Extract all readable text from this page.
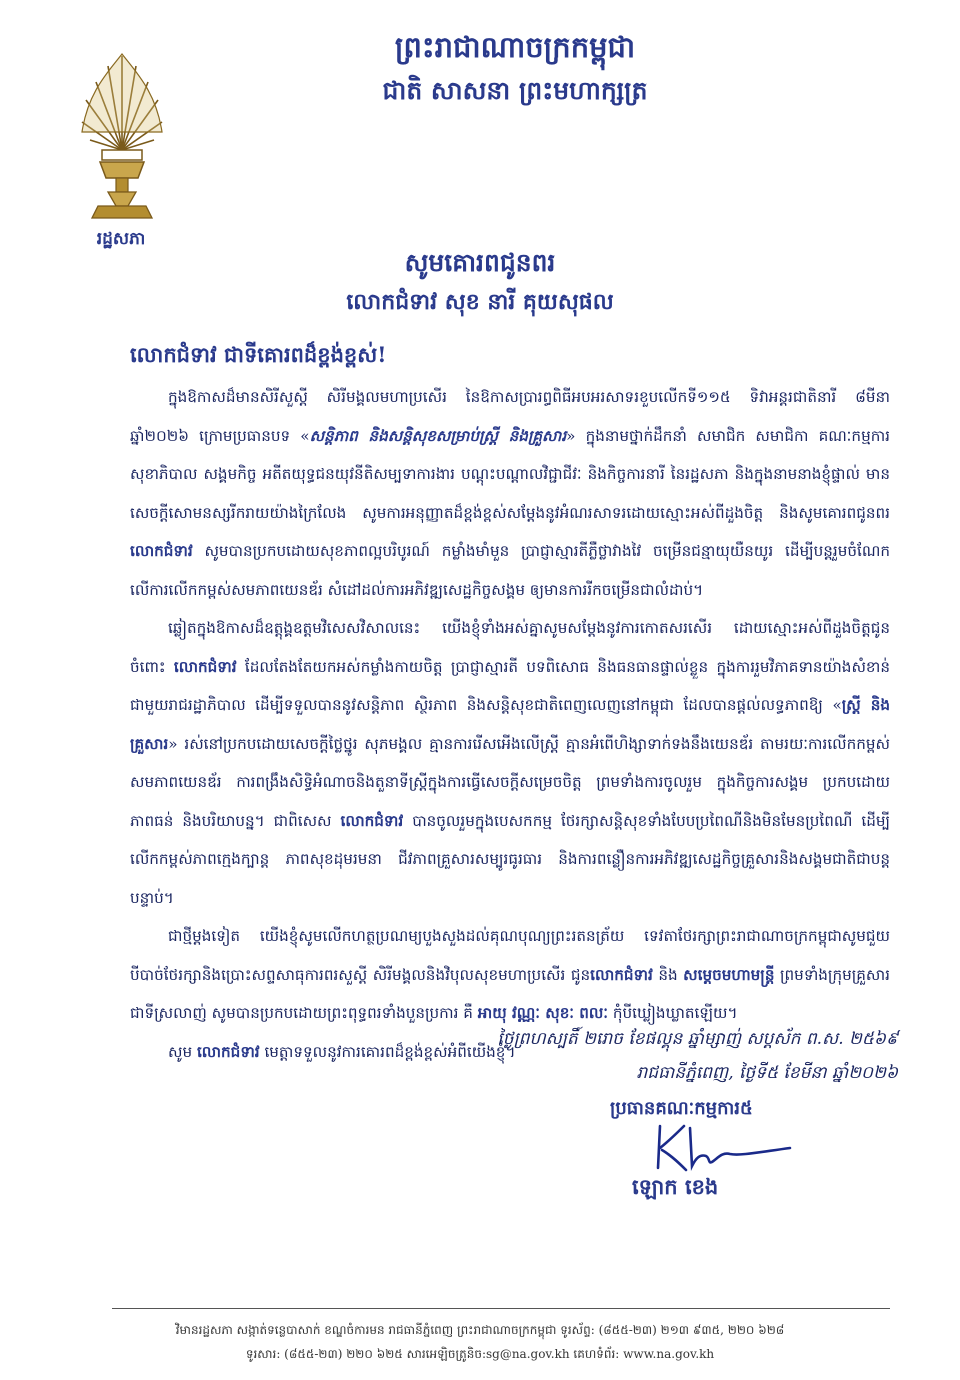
រដ្ឋសភា
ព្រះរាជាណាចក្រកម្ពុជា
ជាតិ សាសនា ព្រះមហាក្សត្រ
សូមគោរពជូនពរ
លោកជំទាវ សុខ នារី គុយសុផល
លោកជំទាវ ជាទីគោរពដ៏ខ្ពង់ខ្ពស់!

ក្នុងឱកាសដ៏មានសិរីសួស្តី សិរីមង្គលមហាប្រសើរ នៃឱកាសប្រារព្ធពិធីអបអរសាទរខួបលើកទី១១៥ ទិវាអន្តរជាតិនារី ៨មីនា ឆ្នាំ២០២៦ ក្រោមប្រធានបទ «សន្តិភាព និងសន្តិសុខសម្រាប់ស្ត្រី និងគ្រួសារ» ក្នុងនាមថ្នាក់ដឹកនាំ សមាជិក សមាជិកា គណៈកម្មការសុខាភិបាល សង្គមកិច្ច អតីតយុទ្ធជនយុវនីតិសម្បទាការងារ បណ្តុះបណ្តាលវិជ្ជាជីវៈ និងកិច្ចការនារី នៃរដ្ឋសភា និងក្នុងនាមនាងខ្ញុំផ្ទាល់ មានសេចក្តីសោមនស្សរីករាយយ៉ាងក្រៃលែង សូមការអនុញ្ញាតដ៏ខ្ពង់ខ្ពស់សម្តែងនូវអំណរសាទរដោយស្មោះអស់ពីដួងចិត្ត និងសូមគោរពជូនពរ លោកជំទាវ សូមបានប្រកបដោយសុខភាពល្អបរិបូរណ៍ កម្លាំងមាំមួន ប្រាជ្ញាស្មារតីភ្លឺថ្លាវាងវៃ ចម្រើនជន្មាយុយឺនយូរ ដើម្បីបន្តរួមចំណែកលើការលើកកម្ពស់សមភាពយេនឌ័រ សំដៅដល់ការអភិវឌ្ឍសេដ្ឋកិច្ចសង្គម ឲ្យមានការរីកចម្រើនជាលំដាប់។

ឆ្លៀតក្នុងឱកាសដ៏ឧត្តុង្គឧត្តមវិសេសវិសាលនេះ យើងខ្ញុំទាំងអស់គ្នាសូមសម្តែងនូវការកោតសរសើរ ដោយស្មោះអស់ពីដួងចិត្តជូនចំពោះ លោកជំទាវ ដែលតែងតែយកអស់កម្លាំងកាយចិត្ត ប្រាជ្ញាស្មារតី បទពិសោធ និងធនធានផ្ទាល់ខ្លួន ក្នុងការរួមវិភាគទានយ៉ាងសំខាន់ជាមួយរាជរដ្ឋាភិបាល ដើម្បីទទួលបាននូវសន្តិភាព ស្ថិរភាព និងសន្តិសុខជាតិពេញលេញនៅកម្ពុជា ដែលបានផ្តល់លទ្ធភាពឱ្យ «ស្ត្រី និងគ្រួសារ» រស់នៅប្រកបដោយសេចក្តីថ្លៃថ្នូរ សុភមង្គល គ្មានការរើសអើងលើស្ត្រី គ្មានអំពើហិង្សាទាក់ទងនឹងយេនឌ័រ តាមរយៈការលើកកម្ពស់សមភាពយេនឌ័រ ការពង្រឹងសិទ្ធិអំណាចនិងតួនាទីស្ត្រីក្នុងការធ្វើសេចក្តីសម្រេចចិត្ត ព្រមទាំងការចូលរួម ក្នុងកិច្ចការសង្គម ប្រកបដោយភាពធន់ និងបរិយាបន្ន។ ជាពិសេស លោកជំទាវ បានចូលរួមក្នុងបេសកកម្ម ថែរក្សាសន្តិសុខទាំងបែបប្រពៃណីនិងមិនមែនប្រពៃណី ដើម្បីលើកកម្ពស់ភាពក្មេងក្បាន្ត ភាពសុខដុមរមនា ជីវភាពគ្រួសារសម្បូរធូរធារ និងការពន្លឿនការអភិវឌ្ឍសេដ្ឋកិច្ចគ្រួសារនិងសង្គមជាតិជាបន្តបន្ទាប់។

ជាថ្មីម្តងទៀត យើងខ្ញុំសូមលើកហត្ថប្រណម្យបួងសួងដល់គុណបុណ្យព្រះរតនត្រ័យ ទេវតាថែរក្សាព្រះរាជាណាចក្រកម្ពុជាសូមជួយបីបាច់ថែរក្សានិងប្រោះសព្ទសាធុការពរសួស្តី សិរីមង្គលនិងវិបុលសុខមហាប្រសើរ ជូនលោកជំទាវ និង សម្តេចមហាមន្ត្រី ព្រមទាំងក្រុមគ្រួសារជាទីស្រលាញ់ សូមបានប្រកបដោយព្រះពុទ្ធពរទាំងបួនប្រការ គឺ អាយុ វណ្ណៈ សុខៈ ពលៈ កុំបីឃ្លៀងឃ្លាតឡើយ។

សូម លោកជំទាវ មេត្តាទទួលនូវការគោរពដ៏ខ្ពង់ខ្ពស់អំពីយើងខ្ញុំ។

ថ្ងៃព្រហស្បតិ៍ ២រោច ខែផល្គុន ឆ្នាំម្សាញ់ សប្តស័ក ព.ស. ២៥៦៩
រាជធានីភ្នំពេញ, ថ្ងៃទី៥ ខែមីនា ឆ្នាំ២០២៦
ប្រធានគណៈកម្មការ៥
ឡោក ខេង
វិមានរដ្ឋសភា សង្កាត់ទន្លេបាសាក់ ខណ្ឌចំការមន រាជធានីភ្នំពេញ ព្រះរាជាណាចក្រកម្ពុជា ទូរស័ព្ទ: (៨៥៥-២៣) ២១៣ ៩៣៥, ២២០ ៦២៨
ទូរសារ: (៨៥៥-២៣) ២២០ ៦២៥ សារអេឡិចត្រូនិច:sg@na.gov.kh គេហទំព័រ: www.na.gov.kh
